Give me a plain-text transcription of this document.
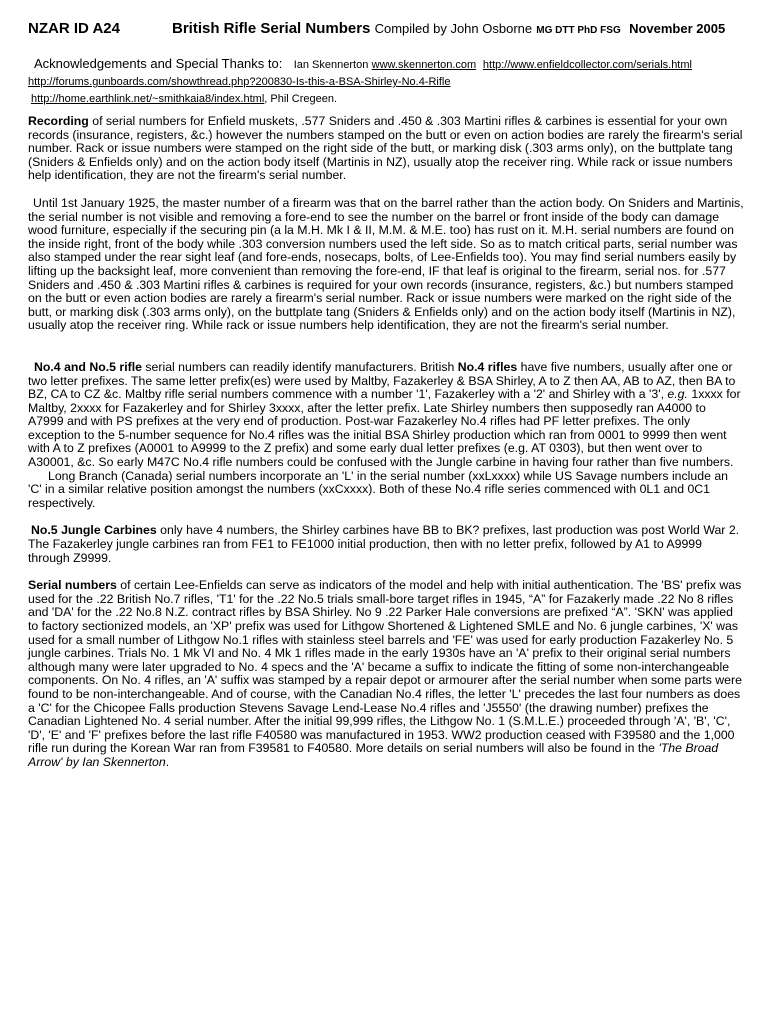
NZAR ID A24	British Rifle Serial Numbers Compiled by John Osborne MG DTT PhD FSG November 2005
Acknowledgements and Special Thanks to: Ian Skennerton www.skennerton.com http://www.enfieldcollector.com/serials.html
http://forums.gunboards.com/showthread.php?200830-Is-this-a-BSA-Shirley-No.4-Rifle
http://home.earthlink.net/~smithkaia8/index.html, Phil Cregeen.

Recording of serial numbers for Enfield muskets, .577 Sniders and .450 & .303 Martini rifles & carbines is essential for your own records (insurance, registers, &c.) however the numbers stamped on the butt or even on action bodies are rarely the firearm's serial number. Rack or issue numbers were stamped on the right side of the butt, or marking disk (.303 arms only), on the buttplate tang (Sniders & Enfields only) and on the action body itself (Martinis in NZ), usually atop the receiver ring. While rack or issue numbers help identification, they are not the firearm's serial number.

Until 1st January 1925, the master number of a firearm was that on the barrel rather than the action body. On Sniders and Martinis, the serial number is not visible and removing a fore-end to see the number on the barrel or front inside of the body can damage wood furniture, especially if the securing pin (a la M.H. Mk I & II, M.M. & M.E. too) has rust on it. M.H. serial numbers are found on the inside right, front of the body while .303 conversion numbers used the left side. So as to match critical parts, serial number was also stamped under the rear sight leaf (and fore-ends, nosecaps, bolts, of Lee-Enfields too). You may find serial numbers easily by lifting up the backsight leaf, more convenient than removing the fore-end, IF that leaf is original to the firearm, serial nos. for .577 Sniders and .450 & .303 Martini rifles & carbines is required for your own records (insurance, registers, &c.) but numbers stamped on the butt or even action bodies are rarely a firearm's serial number. Rack or issue numbers were marked on the right side of the butt, or marking disk (.303 arms only), on the buttplate tang (Sniders & Enfields only) and on the action body itself (Martinis in NZ), usually atop the receiver ring. While rack or issue numbers help identification, they are not the firearm's serial number.

No.4 and No.5 rifle serial numbers can readily identify manufacturers. British No.4 rifles have five numbers, usually after one or two letter prefixes. The same letter prefix(es) were used by Maltby, Fazakerley & BSA Shirley, A to Z then AA, AB to AZ, then BA to BZ, CA to CZ &c. Maltby rifle serial numbers commence with a number '1', Fazakerley with a '2' and Shirley with a '3', e.g. 1xxxx for Maltby, 2xxxx for Fazakerley and for Shirley 3xxxx, after the letter prefix. Late Shirley numbers then supposedly ran A4000 to A7999 and with PS prefixes at the very end of production. Post-war Fazakerley No.4 rifles had PF letter prefixes. The only exception to the 5-number sequence for No.4 rifles was the initial BSA Shirley production which ran from 0001 to 9999 then went with A to Z prefixes (A0001 to A9999 to the Z prefix) and some early dual letter prefixes (e.g. AT 0303), but then went over to A30001, &c. So early M47C No.4 rifle numbers could be confused with the Jungle carbine in having four rather than five numbers.

Long Branch (Canada) serial numbers incorporate an 'L' in the serial number (xxLxxxx) while US Savage numbers include an 'C' in a similar relative position amongst the numbers (xxCxxxx). Both of these No.4 rifle series commenced with 0L1 and 0C1 respectively.

No.5 Jungle Carbines only have 4 numbers, the Shirley carbines have BB to BK? prefixes, last production was post World War 2. The Fazakerley jungle carbines ran from FE1 to FE1000 initial production, then with no letter prefix, followed by A1 to A9999 through Z9999.

Serial numbers of certain Lee-Enfields can serve as indicators of the model and help with initial authentication. The 'BS' prefix was used for the .22 British No.7 rifles, 'T1' for the .22 No.5 trials small-bore target rifles in 1945, “A” for Fazakerly made .22 No 8 rifles and 'DA' for the .22 No.8 N.Z. contract rifles by BSA Shirley. No 9 .22 Parker Hale conversions are prefixed “A”. 'SKN' was applied to factory sectionized models, an 'XP' prefix was used for Lithgow Shortened & Lightened SMLE and No. 6 jungle carbines, 'X' was used for a small number of Lithgow No.1 rifles with stainless steel barrels and 'FE' was used for early production Fazakerley No. 5 jungle carbines. Trials No. 1 Mk VI and No. 4 Mk 1 rifles made in the early 1930s have an 'A' prefix to their original serial numbers although many were later upgraded to No. 4 specs and the 'A' became a suffix to indicate the fitting of some non-interchangeable components. On No. 4 rifles, an 'A' suffix was stamped by a repair depot or armourer after the serial number when some parts were found to be non-interchangeable. And of course, with the Canadian No.4 rifles, the letter 'L' precedes the last four numbers as does a 'C' for the Chicopee Falls production Stevens Savage Lend-Lease No.4 rifles and 'J5550' (the drawing number) prefixes the Canadian Lightened No. 4 serial number. After the initial 99,999 rifles, the Lithgow No. 1 (S.M.L.E.) proceeded through 'A', 'B', 'C', 'D', 'E' and 'F' prefixes before the last rifle F40580 was manufactured in 1953. WW2 production ceased with F39580 and the 1,000 rifle run during the Korean War ran from F39581 to F40580. More details on serial numbers will also be found in the 'The Broad Arrow' by Ian Skennerton.
